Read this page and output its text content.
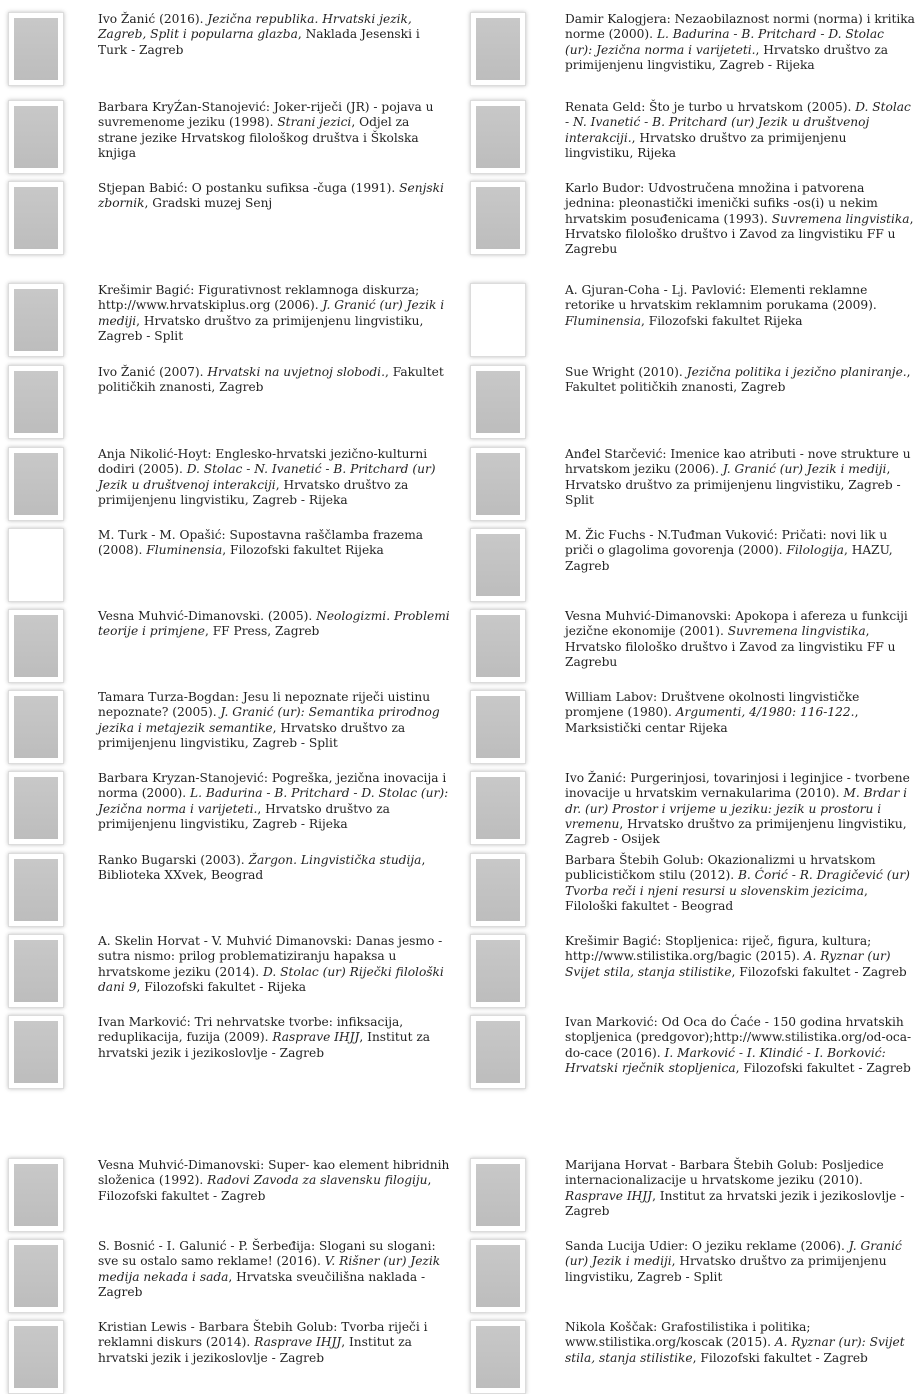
Ivo Žanić (2016). Jezična republika. Hrvatski jezik, Zagreb, Split i popularna glazba, Naklada Jesenski i Turk - Zagreb
Barbara KryŹan-Stanojević: Joker-riječi (JR) - pojava u suvremenome jeziku (1998). Strani jezici, Odjel za strane jezike Hrvatskog filološkog društva i Školska knjiga
Stjepan Babić: O postanku sufiksa -čuga (1991). Senjski zbornik, Gradski muzej Senj
Krešimir Bagić: Figurativnost reklamnoga diskurza; http://www.hrvatskiplus.org (2006). J. Granić (ur) Jezik i mediji, Hrvatsko društvo za primijenjenu lingvistiku, Zagreb - Split
Ivo Žanić (2007). Hrvatski na uvjetnoj slobodi., Fakultet političkih znanosti, Zagreb
Anja Nikolić-Hoyt: Englesko-hrvatski jezično-kulturni dodiri (2005). D. Stolac - N. Ivanetić - B. Pritchard (ur) Jezik u društvenoj interakciji, Hrvatsko društvo za primijenjenu lingvistiku, Zagreb - Rijeka
M. Turk - M. Opašić: Supostavna raščlamba frazema (2008). Fluminensia, Filozofski fakultet Rijeka
Vesna Muhvić-Dimanovski. (2005). Neologizmi. Problemi teorije i primjene, FF Press, Zagreb
Tamara Turza-Bogdan: Jesu li nepoznate riječi uistinu nepoznate? (2005). J. Granić (ur): Semantika prirodnog jezika i metajezik semantike, Hrvatsko društvo za primijenjenu lingvistiku, Zagreb - Split
Barbara Kryzan-Stanojević: Pogreška, jezična inovacija i norma (2000). L. Badurina - B. Pritchard - D. Stolac (ur): Jezična norma i varijeteti., Hrvatsko društvo za primijenjenu lingvistiku, Zagreb - Rijeka
Ranko Bugarski (2003). Žargon. Lingvistička studija, Biblioteka XXvek, Beograd
A. Skelin Horvat - V. Muhvić Dimanovski: Danas jesmo - sutra nismo: prilog problematiziranju hapaksa u hrvatskome jeziku (2014). D. Stolac (ur) Riječki filološki dani 9, Filozofski fakultet - Rijeka
Ivan Marković: Tri nehrvatske tvorbe: infiksacija, reduplikacija, fuzija (2009). Rasprave IHJJ, Institut za hrvatski jezik i jezikoslovlje - Zagreb
Vesna Muhvić-Dimanovski: Super- kao element hibridnih složenica (1992). Radovi Zavoda za slavensku filogiju, Filozofski fakultet - Zagreb
S. Bosnić - I. Galunić - P. Šerbeđija: Slogani su slogani: sve su ostalo samo reklame! (2016). V. Rišner (ur) Jezik medija nekada i sada, Hrvatska sveučilišna naklada - Zagreb
Kristian Lewis - Barbara Štebih Golub: Tvorba riječi i reklamni diskurs (2014). Rasprave IHJJ, Institut za hrvatski jezik i jezikoslovlje - Zagreb
Damir Kalogjera: Nezaobilaznost normi (norma) i kritika norme (2000). L. Badurina - B. Pritchard - D. Stolac (ur): Jezična norma i varijeteti., Hrvatsko društvo za primijenjenu lingvistiku, Zagreb - Rijeka
Renata Geld: Što je turbo u hrvatskom (2005). D. Stolac - N. Ivanetić - B. Pritchard (ur) Jezik u društvenoj interakciji., Hrvatsko društvo za primijenjenu lingvistiku, Rijeka
Karlo Budor: Udvostručena množina i patvorena jednina: pleonastički imenički sufiks -os(i) u nekim hrvatskim posuđenicama (1993). Suvremena lingvistika, Hrvatsko filološko društvo i Zavod za lingvistiku FF u Zagrebu
A. Gjuran-Coha - Lj. Pavlović: Elementi reklamne retorike u hrvatskim reklamnim porukama (2009). Fluminensia, Filozofski fakultet Rijeka
Sue Wright (2010). Jezična politika i jezično planiranje., Fakultet političkih znanosti, Zagreb
Anđel Starčević: Imenice kao atributi - nove strukture u hrvatskom jeziku (2006). J. Granić (ur) Jezik i mediji, Hrvatsko društvo za primijenjenu lingvistiku, Zagreb - Split
M. Žic Fuchs - N.Tuđman Vuković: Pričati: novi lik u priči o glagolima govorenja (2000). Filologija, HAZU, Zagreb
Vesna Muhvić-Dimanovski: Apokopa i afereza u funkciji jezične ekonomije (2001). Suvremena lingvistika, Hrvatsko filološko društvo i Zavod za lingvistiku FF u Zagrebu
William Labov: Društvene okolnosti lingvističke promjene (1980). Argumenti, 4/1980: 116-122., Marksistički centar Rijeka
Ivo Žanić: Purgerinjosi, tovarinjosi i leginjice - tvorbene inovacije u hrvatskim vernakularima (2010). M. Brdar i dr. (ur) Prostor i vrijeme u jeziku: jezik u prostoru i vremenu, Hrvatsko društvo za primijenjenu lingvistiku, Zagreb - Osijek
Barbara Štebih Golub: Okazionalizmi u hrvatskom publicističkom stilu (2012). B. Ćorić - R. Dragičević (ur) Tvorba reči i njeni resursi u slovenskim jezicima, Filološki fakultet - Beograd
Krešimir Bagić: Stopljenica: riječ, figura, kultura; http://www.stilistika.org/bagic (2015). A. Ryznar (ur) Svijet stila, stanja stilistike, Filozofski fakultet - Zagreb
Ivan Marković: Od Oca do Ćaće - 150 godina hrvatskih stopljenica (predgovor);http://www.stilistika.org/od-oca-do-cace (2016). I. Marković - I. Klindić - I. Borković: Hrvatski rječnik stopljenica, Filozofski fakultet - Zagreb
Marijana Horvat - Barbara Štebih Golub: Posljedice internacionalizacije u hrvatskome jeziku (2010). Rasprave IHJJ, Institut za hrvatski jezik i jezikoslovlje - Zagreb
Sanda Lucija Udier: O jeziku reklame (2006). J. Granić (ur) Jezik i mediji, Hrvatsko društvo za primijenjenu lingvistiku, Zagreb - Split
Nikola Koščak: Grafostilistika i politika; www.stilistika.org/koscak (2015). A. Ryznar (ur): Svijet stila, stanja stilistike, Filozofski fakultet - Zagreb
